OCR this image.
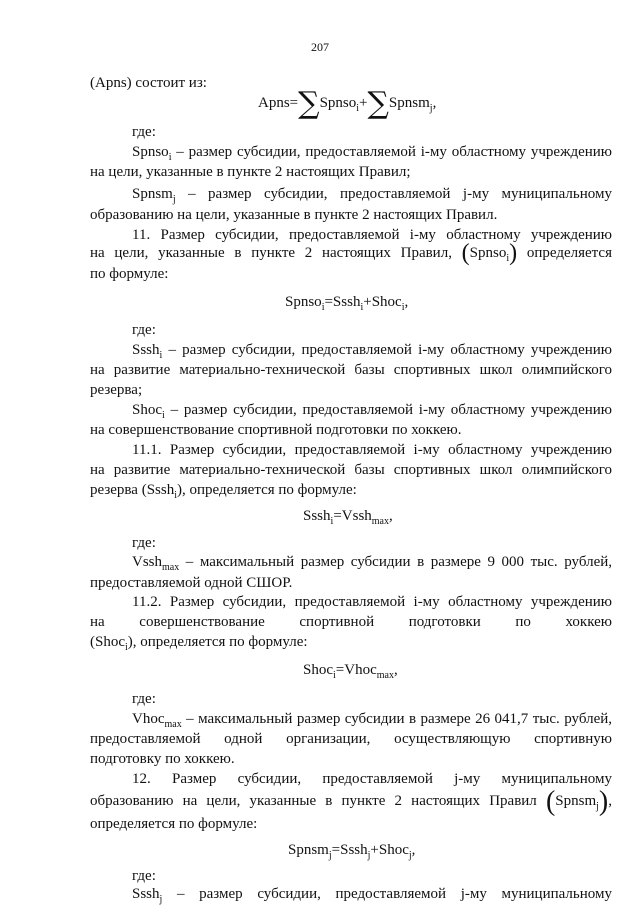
207
(Apns) состоит из:
Apns=∑Spnso$_i$+∑Spnsm$_j$,
где:
Spnso$_i$ – размер субсидии, предоставляемой i-му областному учреждению
на цели, указанные в пункте 2 настоящих Правил;
Spnsm$_j$ – размер субсидии, предоставляемой j-му муниципальному
образованию на цели, указанные в пункте 2 настоящих Правил.
11. Размер субсидии, предоставляемой i-му областному учреждению
на цели, указанные в пункте 2 настоящих Правил, (Spnso$_i$) определяется
по формуле:
Spnso$_i$=Sssh$_i$+Shoc$_i$,
где:
Sssh$_i$ – размер субсидии, предоставляемой i-му областному учреждению
на развитие материально-технической базы спортивных школ олимпийского
резерва;
Shoc$_i$ – размер субсидии, предоставляемой i-му областному учреждению
на совершенствование спортивной подготовки по хоккею.
11.1. Размер субсидии, предоставляемой i-му областному учреждению
на развитие материально-технической базы спортивных школ олимпийского
резерва (Sssh$_i$), определяется по формуле:
Sssh$_i$=Vssh$_{max}$,
где:
Vssh$_{max}$ – максимальный размер субсидии в размере 9 000 тыс. рублей,
предоставляемой одной СШОР.
11.2. Размер субсидии, предоставляемой i-му областному учреждению
на совершенствование спортивной подготовки по хоккею
(Shoc$_i$), определяется по формуле:
Shoc$_i$=Vhoc$_{max}$,
где:
Vhoc$_{max}$ – максимальный размер субсидии в размере 26 041,7 тыс. рублей,
предоставляемой одной организации, осуществляющую спортивную
подготовку по хоккею.
12. Размер субсидии, предоставляемой j-му муниципальному
образованию на цели, указанные в пункте 2 настоящих Правил (Spnsm$_j$),
определяется по формуле:
Spnsm$_j$=Sssh$_j$+Shoc$_j$,
где:
Sssh$_j$ – размер субсидии, предоставляемой j-му муниципальному
